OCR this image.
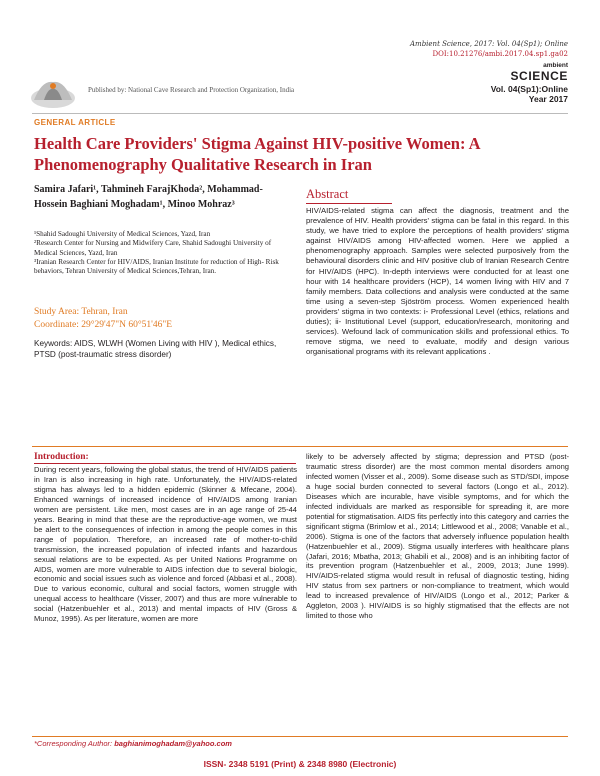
Ambient Science, 2017: Vol. 04(Sp1); Online
DOI:10.21276/ambi.2017.04.sp1.ga02
Published by: National Cave Research and Protection Organization, India
ambient
SCIENCE
Vol. 04(Sp1):Online
Year 2017
GENERAL ARTICLE
Health Care Providers' Stigma Against HIV-positive Women: A Phenomenography Qualitative Research in Iran
Samira Jafari¹, Tahmineh FarajKhoda², Mohammad-Hossein Baghiani Moghadam¹, Minoo Mohraz³

¹Shahid Sadoughi University of Medical Sciences, Yazd, Iran

²Research Center for Nursing and Midwifery Care, Shahid Sadoughi University of Medical Sciences, Yazd, Iran

³Iranian Research Center for HIV/AIDS, Iranian Institute for reduction of High- Risk behaviors, Tehran University of Medical Sciences,Tehran, Iran.

Study Area: Tehran, Iran
Coordinate: 29°29'47"N 60°51'46"E
Keywords: AIDS, WLWH (Women Living with HIV ), Medical ethics, PTSD (post-traumatic stress disorder)
Abstract
HIV/AIDS-related stigma can affect the diagnosis, treatment and the prevalence of HIV. Health providers' stigma can be fatal in this regard. In this study, we have tried to explore the perceptions of health providers' stigma against HIV/AIDS among HIV-affected women. Here we applied a phenomenography approach. Samples were selected purposively from the behavioural disorders clinic and HIV positive club of Iranian Research Centre for HIV/AIDS (HPC). In-depth interviews were conducted for at least one hour with 14 healthcare providers (HCP), 14 women living with HIV and 7 family members. Data collections and analysis were conducted at the same time using a seven-step Sjöström process. Women experienced health providers' stigma in two contexts: i- Professional Level (ethics, relations and duties); ii- Institutional Level (support, education/research, monitoring and services). Wefound lack of communication skills and professional ethics. To remove stigma, we need to evaluate, modify and design various organisational programs with its relevant applications .
Introduction:
During recent years, following the global status, the trend of HIV/AIDS patients in Iran is also increasing in high rate. Unfortunately, the HIV/AIDS-related stigma has always led to a hidden epidemic (Skinner & Mfecane, 2004). Enhanced warnings of increased incidence of HIV/AIDS among Iranian women are persistent. Like men, most cases are in an age range of 25-44 years. Bearing in mind that these are the reproductive-age women, we must be alert to the consequences of infection in among the people comes in this range of population. Therefore, an increased rate of mother-to-child transmission, the increased population of infected infants and hazardous sexual relations are to be expected. As per United Nations Programme on AIDS, women are more vulnerable to AIDS infection due to several biologic, economic and social issues such as violence and forced (Abbasi et al., 2008). Due to various economic, cultural and social factors, women struggle with unequal access to healthcare (Visser, 2007) and thus are more vulnerable to social (Hatzenbuehler et al., 2013) and mental impacts of HIV (Gross & Munoz, 1995). As per literature, women are more
likely to be adversely affected by stigma; depression and PTSD (post-traumatic stress disorder) are the most common mental disorders among infected women (Visser et al., 2009). Some disease such as STD/SDI, impose a huge social burden connected to several factors (Longo et al., 2012). Diseases which are incurable, have visible symptoms, and for which the infected individuals are marked as responsible for spreading it, are more potential for stigmatisation. AIDS fits perfectly into this category and carries the significant stigma (Brimlow et al., 2014; Littlewood et al., 2008; Vanable et al., 2006). Stigma is one of the factors that adversely influence population health (Hatzenbuehler et al., 2009). Stigma usually interferes with healthcare plans (Jafari, 2016; Mbatha, 2013; Ghabili et al., 2008) and is an inhibiting factor of its prevention program (Hatzenbuehler et al., 2009, 2013; June 1999). HIV/AIDS-related stigma would result in refusal of diagnostic testing, hiding HIV status from sex partners or non-compliance to treatment, which would lead to increased prevalence of HIV/AIDS (Longo et al., 2012; Parker & Aggleton, 2003 ). HIV/AIDS is so highly stigmatised that the effects are not limited to those who
*Corresponding Author: baghianimoghadam@yahoo.com
ISSN- 2348 5191 (Print) & 2348 8980 (Electronic)
